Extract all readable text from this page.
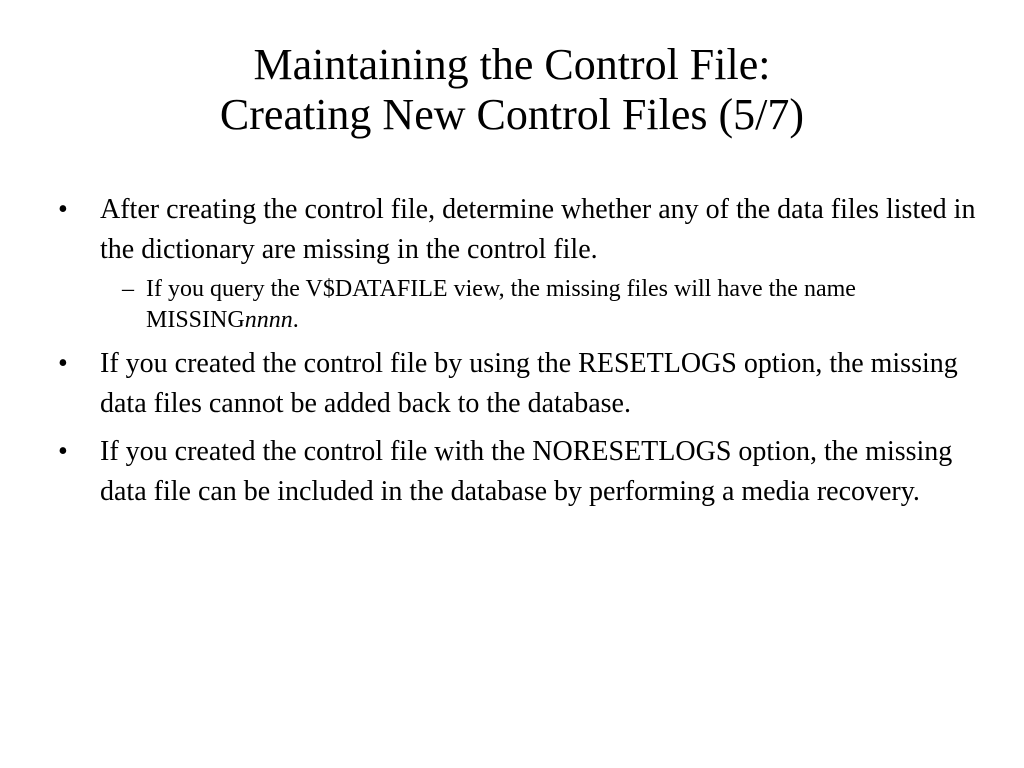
Maintaining the Control File:
Creating New Control Files (5/7)
•	After creating the control file, determine whether any of the data files listed in the dictionary are missing in the control file.
– If you query the V$DATAFILE view, the missing files will have the name MISSINGnnnn.
•	If you created the control file by using the RESETLOGS option, the missing data files cannot be added back to the database.
•	If you created the control file with the NORESETLOGS option, the missing data file can be included in the database by performing a media recovery.
